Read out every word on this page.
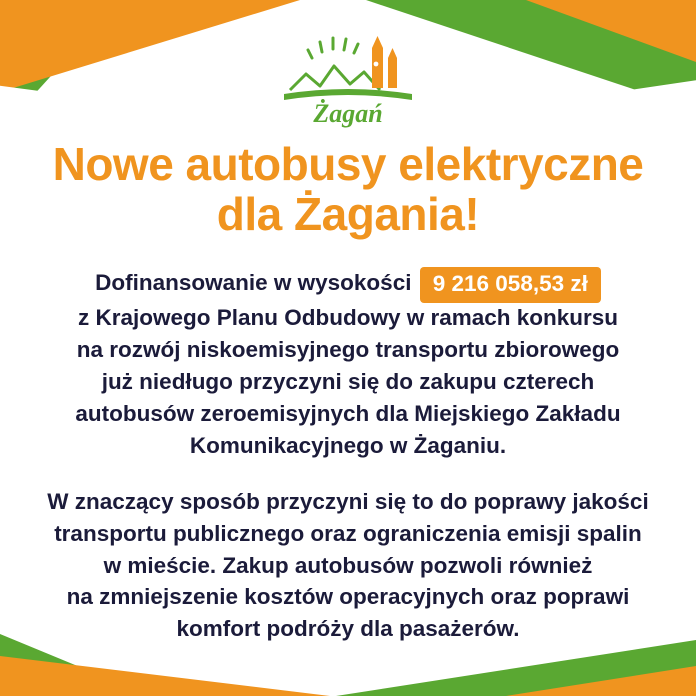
Żagań
Nowe autobusy elektryczne
dla Żagania!

Dofinansowanie w wysokości 9 216 058,53 zł
z Krajowego Planu Odbudowy w ramach konkursu
na rozwój niskoemisyjnego transportu zbiorowego
już niedługo przyczyni się do zakupu czterech
autobusów zeroemisyjnych dla Miejskiego Zakładu
Komunikacyjnego w Żaganiu.

W znaczący sposób przyczyni się to do poprawy jakości
transportu publicznego oraz ograniczenia emisji spalin
w mieście. Zakup autobusów pozwoli również
na zmniejszenie kosztów operacyjnych oraz poprawi
komfort podróży dla pasażerów.
